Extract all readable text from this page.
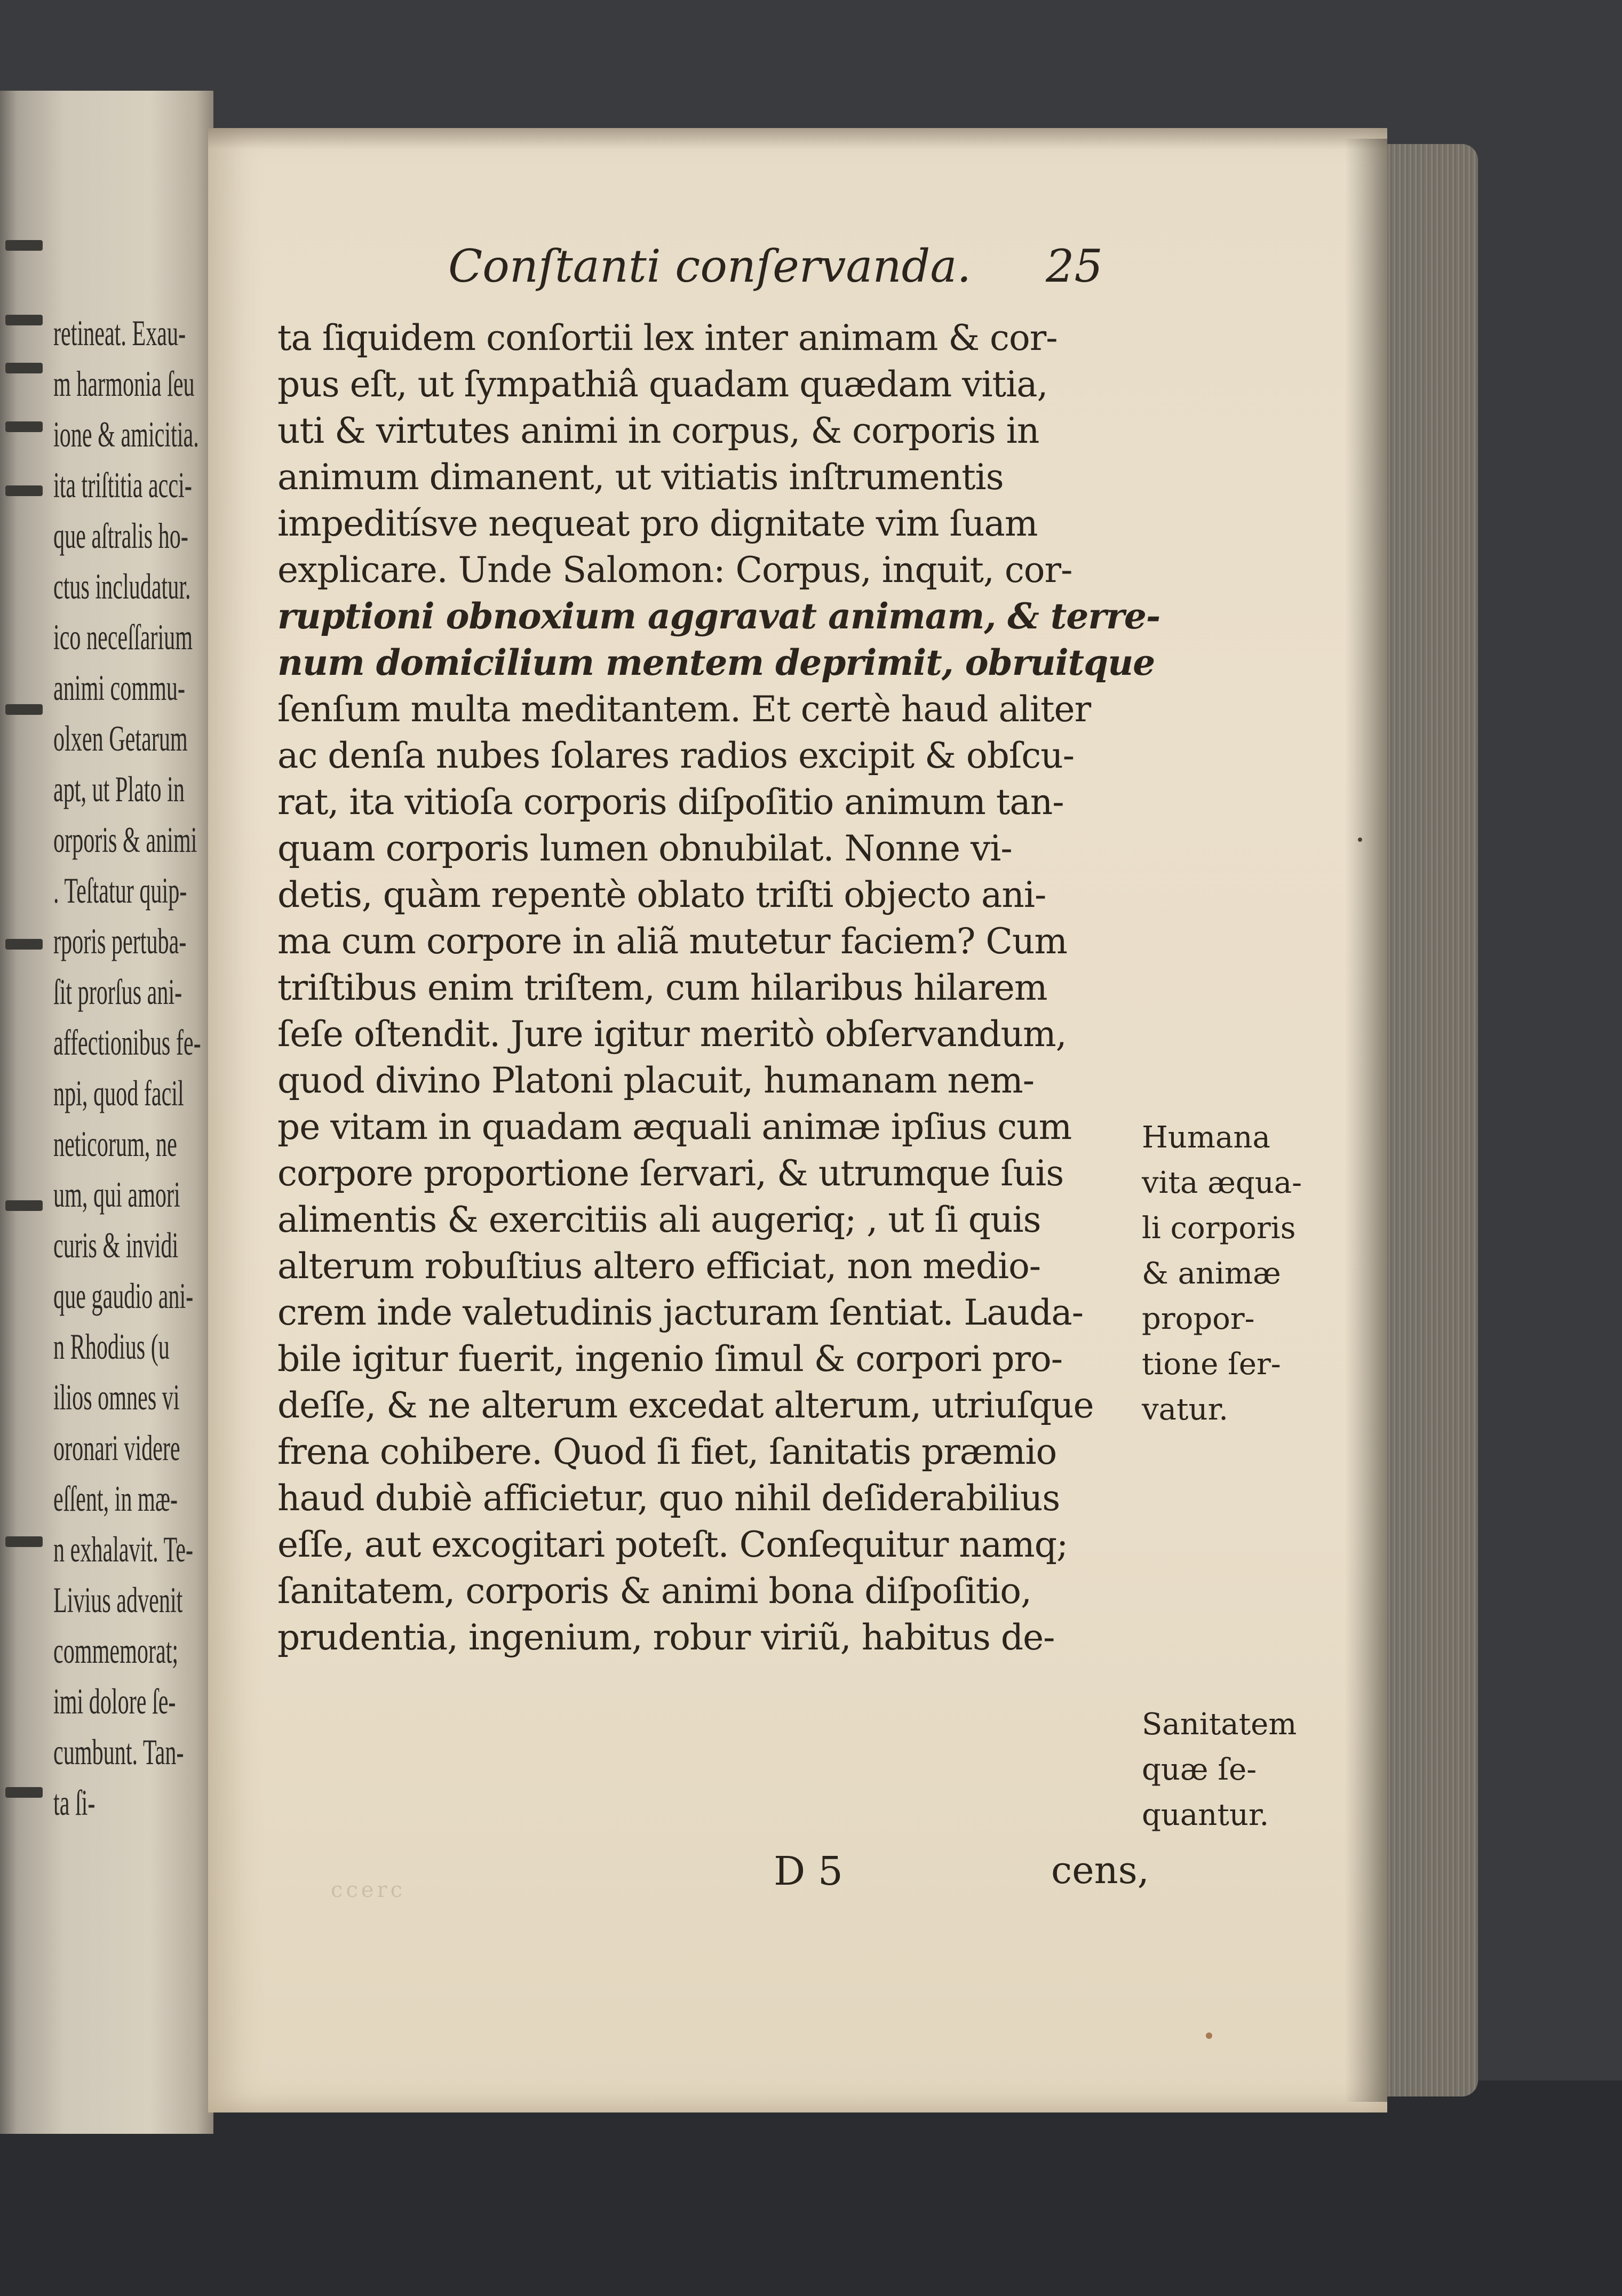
retineat. Exau-
m harmonia ſeu
ione & amicitia.
ita triſtitia acci-
que aſtralis ho-
ctus includatur.
ico neceſſarium
animi commu-
olxen Getarum
apt, ut Plato in
orporis & animi
. Teſtatur quip-
rporis pertuba-
ſit prorſus ani-
affectionibus fe-
npi, quod facil
neticorum, ne
um, qui amori
curis & invidi
que gaudio ani-
n Rhodius (u
ilios omnes vi
oronari videre
eſſent, in mæ-
n exhalavit. Te-
Livius advenit
commemorat;
imi dolore ſe-
cumbunt. Tan-
ta ſi-
Conſtanti conſervanda. 25
ta ſiquidem conſortii lex inter animam & cor-
pus eſt, ut ſympathiâ quadam quædam vitia,
uti & virtutes animi in corpus, & corporis in
animum dimanent, ut vitiatis inſtrumentis
impeditísve nequeat pro dignitate vim ſuam
explicare. Unde Salomon: Corpus, inquit, cor-
ruptioni obnoxium aggravat animam, & terre-
num domicilium mentem deprimit, obruitque
ſenſum multa meditantem. Et certè haud aliter
ac denſa nubes ſolares radios excipit & obſcu-
rat, ita vitioſa corporis diſpoſitio animum tan-
quam corporis lumen obnubilat. Nonne vi-
detis, quàm repentè oblato triſti objecto ani-
ma cum corpore in aliã mutetur faciem? Cum
triſtibus enim triſtem, cum hilaribus hilarem
ſeſe oſtendit. Jure igitur meritò obſervandum,
quod divino Platoni placuit, humanam nem-
pe vitam in quadam æquali animæ ipſius cum
corpore proportione ſervari, & utrumque ſuis
alimentis & exercitiis ali augeriq; , ut ſi quis
alterum robuſtius altero efficiat, non medio-
crem inde valetudinis jacturam ſentiat. Lauda-
bile igitur fuerit, ingenio ſimul & corpori pro-
deſſe, & ne alterum excedat alterum, utriuſque
frena cohibere. Quod ſi fiet, ſanitatis præmio
haud dubiè afficietur, quo nihil deſiderabilius
eſſe, aut excogitari poteſt. Conſequitur namq;
ſanitatem, corporis & animi bona diſpoſitio,
prudentia, ingenium, robur viriũ, habitus de-
Humana
vita æqua-
li corporis
& animæ
propor-
tione ſer-
vatur.
Sanitatem
quæ ſe-
quantur.
D 5	cens,
ccerc
